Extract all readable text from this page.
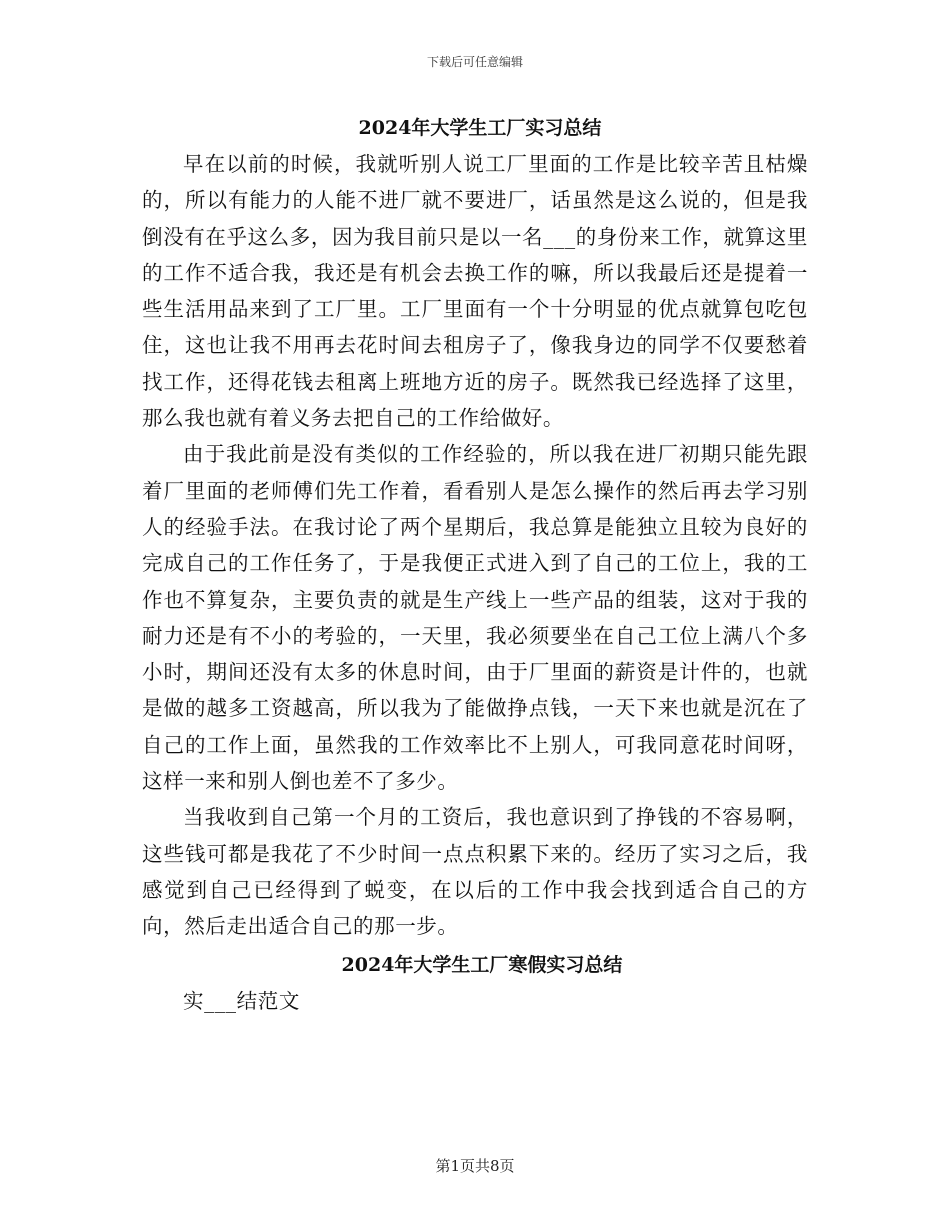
下载后可任意编辑
2024年大学生工厂实习总结

早在以前的时候，我就听别人说工厂里面的工作是比较辛苦且枯燥的，所以有能力的人能不进厂就不要进厂，话虽然是这么说的，但是我倒没有在乎这么多，因为我目前只是以一名___的身份来工作，就算这里的工作不适合我，我还是有机会去换工作的嘛，所以我最后还是提着一些生活用品来到了工厂里。工厂里面有一个十分明显的优点就算包吃包住，这也让我不用再去花时间去租房子了，像我身边的同学不仅要愁着找工作，还得花钱去租离上班地方近的房子。既然我已经选择了这里，那么我也就有着义务去把自己的工作给做好。

由于我此前是没有类似的工作经验的，所以我在进厂初期只能先跟着厂里面的老师傅们先工作着，看看别人是怎么操作的然后再去学习别人的经验手法。在我讨论了两个星期后，我总算是能独立且较为良好的完成自己的工作任务了，于是我便正式进入到了自己的工位上，我的工作也不算复杂，主要负责的就是生产线上一些产品的组装，这对于我的耐力还是有不小的考验的，一天里，我必须要坐在自己工位上满八个多小时，期间还没有太多的休息时间，由于厂里面的薪资是计件的，也就是做的越多工资越高，所以我为了能做挣点钱，一天下来也就是沉在了自己的工作上面，虽然我的工作效率比不上别人，可我同意花时间呀，这样一来和别人倒也差不了多少。

当我收到自己第一个月的工资后，我也意识到了挣钱的不容易啊，这些钱可都是我花了不少时间一点点积累下来的。经历了实习之后，我感觉到自己已经得到了蜕变，在以后的工作中我会找到适合自己的方向，然后走出适合自己的那一步。

2024年大学生工厂寒假实习总结

实___结范文

第1页共8页
